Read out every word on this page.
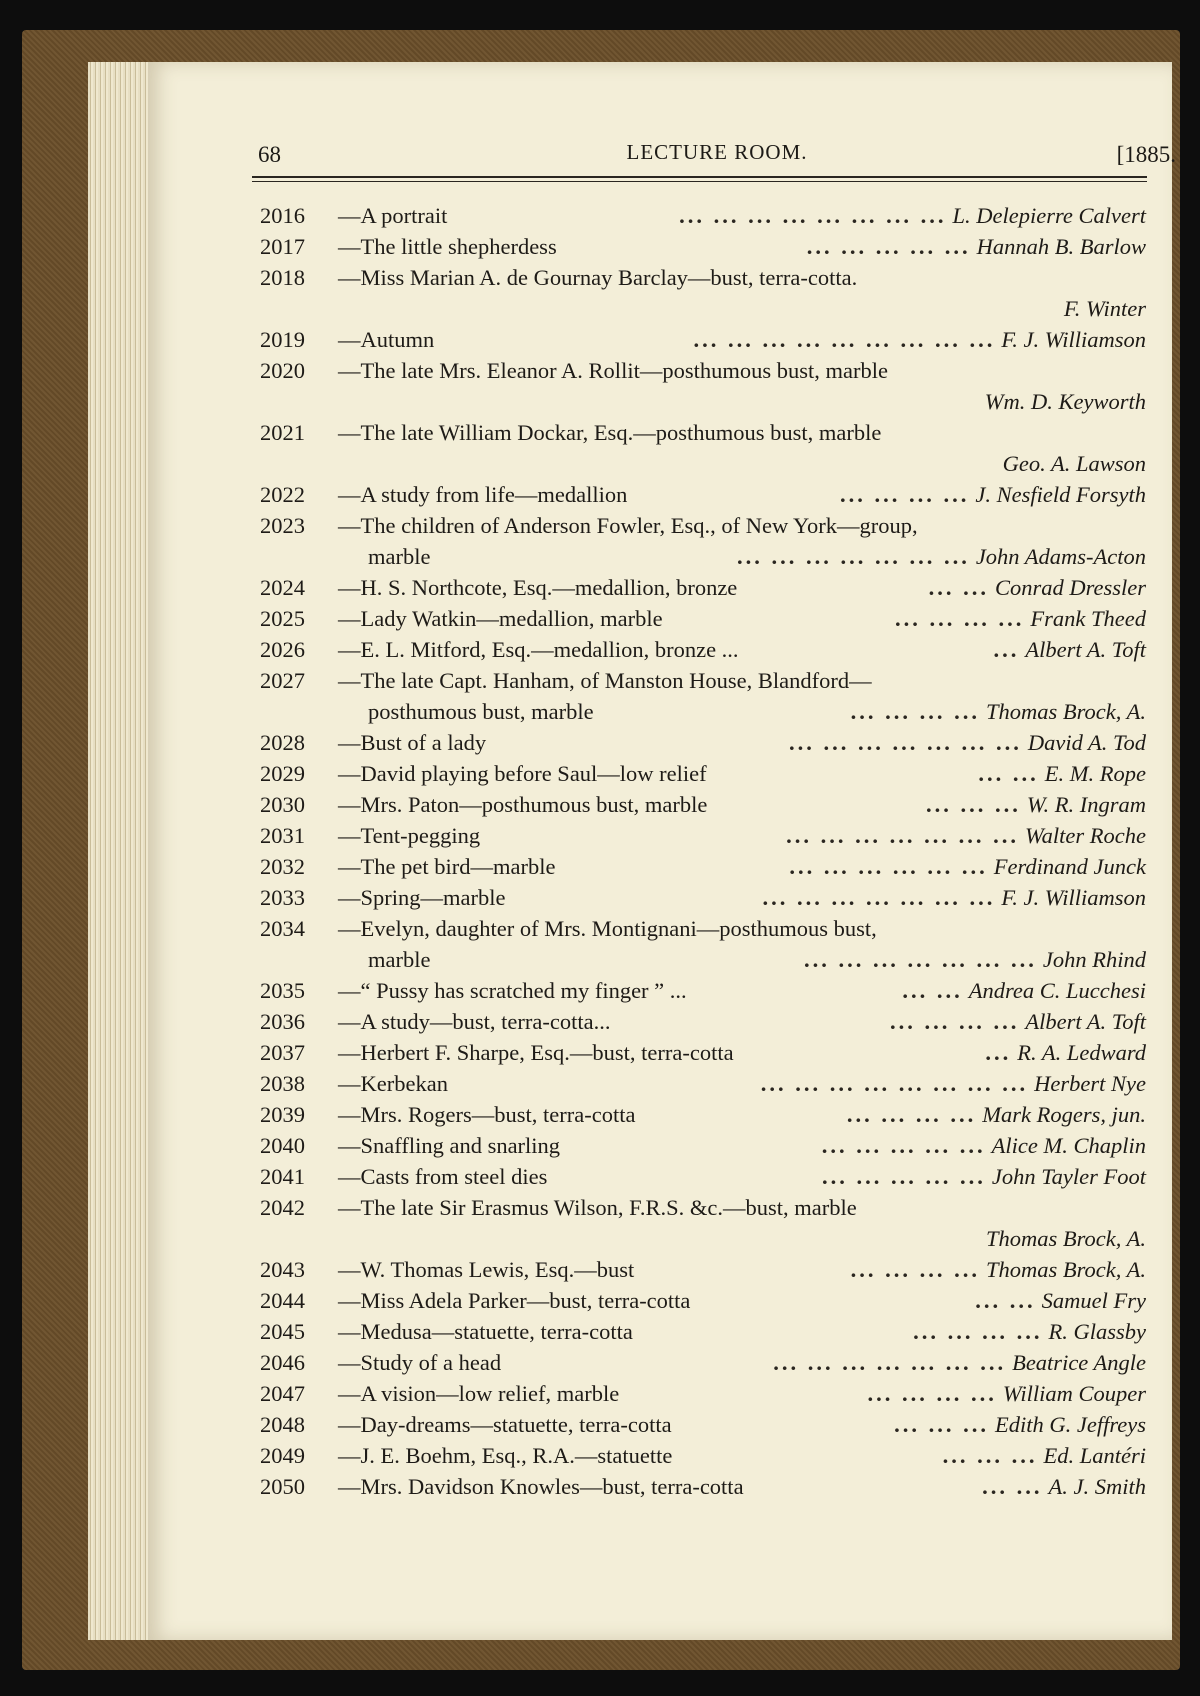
68	LECTURE ROOM.	[1885.
2016	— A portrait	... ... ... ... ... ... ... ... L. Delepierre Calvert
2017	— The little shepherdess	... ... ... ... ... Hannah B. Barlow
2018	— Miss Marian A. de Gournay Barclay—bust, terra-cotta.
F. Winter
2019	— Autumn	... ... ... ... ... ... ... ... ... F. J. Williamson
2020	— The late Mrs. Eleanor A. Rollit—posthumous bust, marble
Wm. D. Keyworth
2021	— The late William Dockar, Esq.—posthumous bust, marble
Geo. A. Lawson
2022	— A study from life—medallion	... ... ... ... J. Nesfield Forsyth
2023	— The children of Anderson Fowler, Esq., of New York—group,
marble	... ... ... ... ... ... ... John Adams-Acton
2024	— H. S. Northcote, Esq.—medallion, bronze	... ... Conrad Dressler
2025	— Lady Watkin—medallion, marble	... ... ... ... Frank Theed
2026	— E. L. Mitford, Esq.—medallion, bronze ...	... Albert A. Toft
2027	— The late Capt. Hanham, of Manston House, Blandford—
posthumous bust, marble	... ... ... ... Thomas Brock, A.
2028	— Bust of a lady	... ... ... ... ... ... ... David A. Tod
2029	— David playing before Saul—low relief	... ... E. M. Rope
2030	— Mrs. Paton—posthumous bust, marble	... ... ... W. R. Ingram
2031	— Tent-pegging	... ... ... ... ... ... ... Walter Roche
2032	— The pet bird—marble	... ... ... ... ... ... Ferdinand Junck
2033	— Spring—marble	... ... ... ... ... ... ... F. J. Williamson
2034	— Evelyn, daughter of Mrs. Montignani—posthumous bust,
marble	... ... ... ... ... ... ... John Rhind
2035	— “ Pussy has scratched my finger ” ...	... ... Andrea C. Lucchesi
2036	— A study—bust, terra-cotta...	... ... ... ... Albert A. Toft
2037	— Herbert F. Sharpe, Esq.—bust, terra-cotta	... R. A. Ledward
2038	— Kerbekan	... ... ... ... ... ... ... ... Herbert Nye
2039	— Mrs. Rogers—bust, terra-cotta	... ... ... ... Mark Rogers, jun.
2040	— Snaffling and snarling	... ... ... ... ... Alice M. Chaplin
2041	— Casts from steel dies	... ... ... ... ... John Tayler Foot
2042	— The late Sir Erasmus Wilson, F.R.S. &c.—bust, marble
Thomas Brock, A.
2043	— W. Thomas Lewis, Esq.—bust	... ... ... ... Thomas Brock, A.
2044	— Miss Adela Parker—bust, terra-cotta	... ... Samuel Fry
2045	— Medusa—statuette, terra-cotta	... ... ... ... R. Glassby
2046	— Study of a head	... ... ... ... ... ... ... Beatrice Angle
2047	— A vision—low relief, marble	... ... ... ... William Couper
2048	— Day-dreams—statuette, terra-cotta	... ... ... Edith G. Jeffreys
2049	— J. E. Boehm, Esq., R.A.—statuette	... ... ... Ed. Lantéri
2050	— Mrs. Davidson Knowles—bust, terra-cotta	... ... A. J. Smith
